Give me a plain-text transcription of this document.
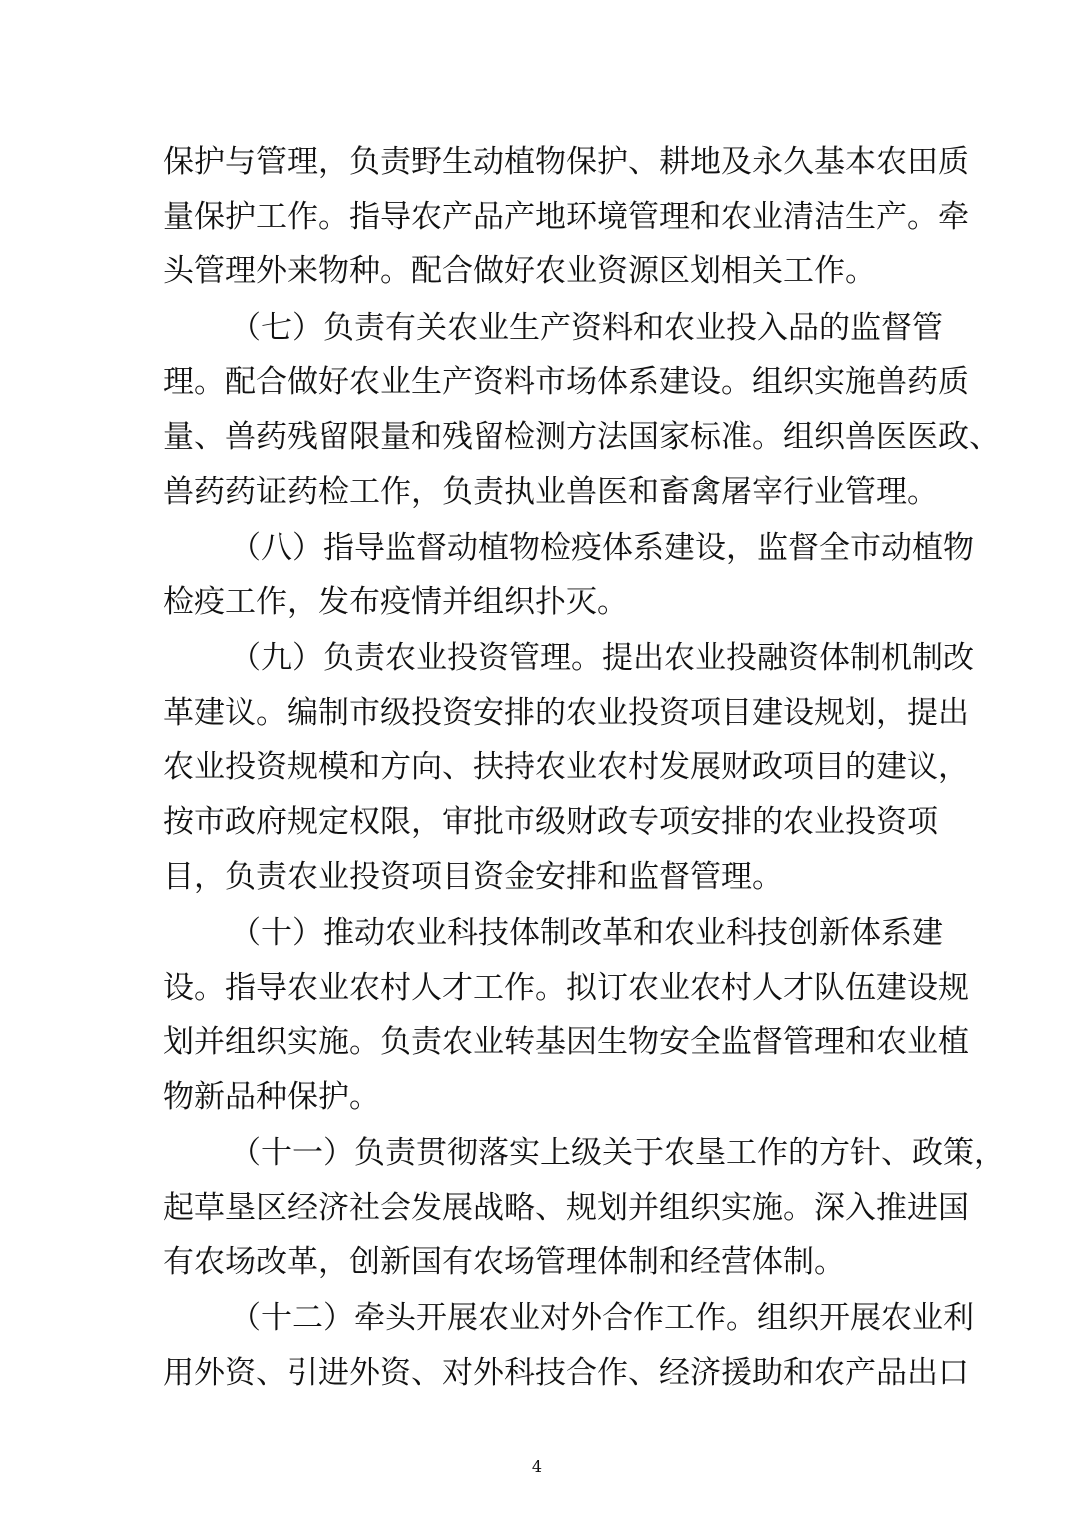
保护与管理，负责野生动植物保护、耕地及永久基本农田质
量保护工作。指导农产品产地环境管理和农业清洁生产。牵
头管理外来物种。配合做好农业资源区划相关工作。
（七）负责有关农业生产资料和农业投入品的监督管
理。配合做好农业生产资料市场体系建设。组织实施兽药质
量、兽药残留限量和残留检测方法国家标准。组织兽医医政、
兽药药证药检工作，负责执业兽医和畜禽屠宰行业管理。
（八）指导监督动植物检疫体系建设，监督全市动植物
检疫工作，发布疫情并组织扑灭。
（九）负责农业投资管理。提出农业投融资体制机制改
革建议。编制市级投资安排的农业投资项目建设规划，提出
农业投资规模和方向、扶持农业农村发展财政项目的建议，
按市政府规定权限，审批市级财政专项安排的农业投资项
目，负责农业投资项目资金安排和监督管理。
（十）推动农业科技体制改革和农业科技创新体系建
设。指导农业农村人才工作。拟订农业农村人才队伍建设规
划并组织实施。负责农业转基因生物安全监督管理和农业植
物新品种保护。
（十一）负责贯彻落实上级关于农垦工作的方针、政策，
起草垦区经济社会发展战略、规划并组织实施。深入推进国
有农场改革，创新国有农场管理体制和经营体制。
（十二）牵头开展农业对外合作工作。组织开展农业利
用外资、引进外资、对外科技合作、经济援助和农产品出口
4
